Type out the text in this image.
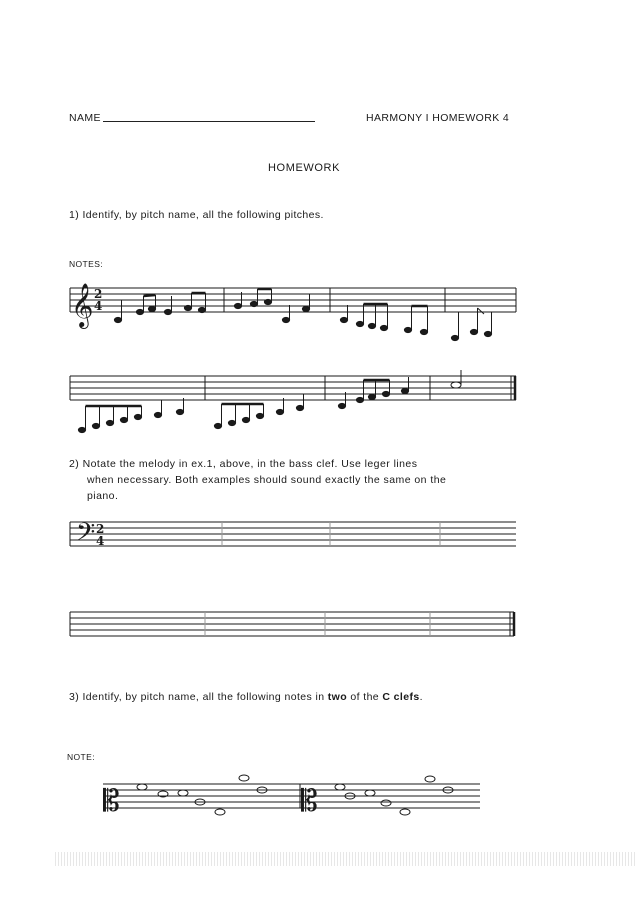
NAME	HARMONY I HOMEWORK 4
HOMEWORK
1) Identify, by pitch name, all the following pitches.
NOTES:
2) Notate the melody in ex.1, above, in the bass clef. Use leger lines
when necessary. Both examples should sound exactly the same on the
piano.
3) Identify, by pitch name, all the following notes in two of the C clefs.
NOTE:
𝄞
𝄢
𝄡	𝄡
2
4
2
4
